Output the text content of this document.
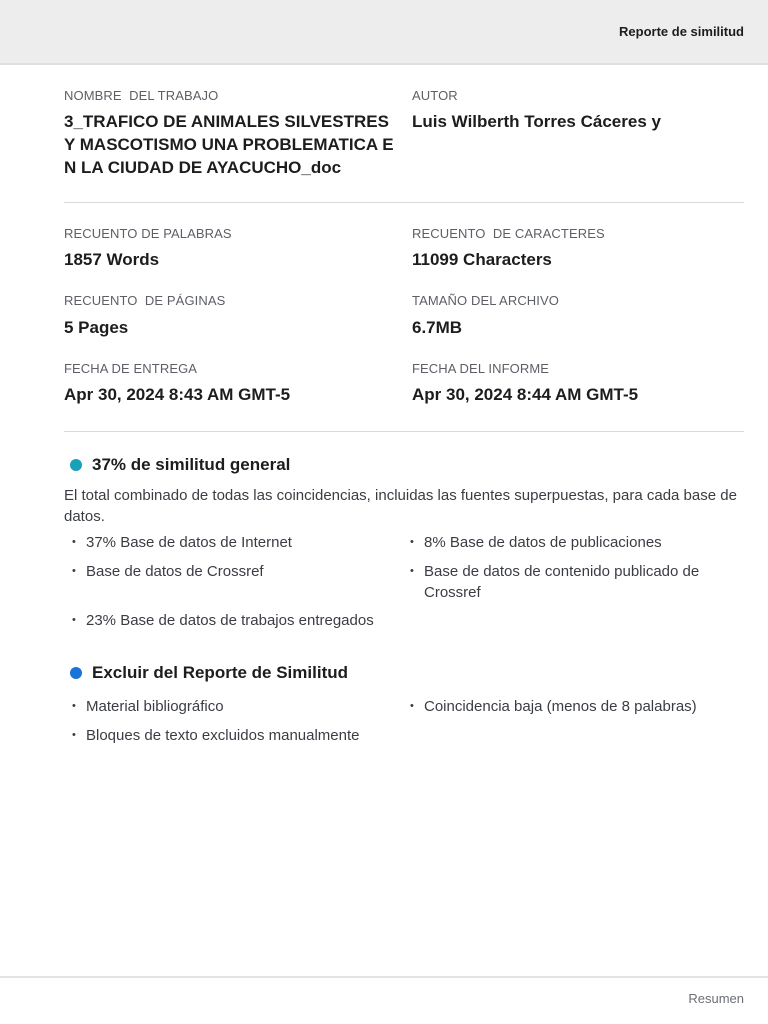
Reporte de similitud
NOMBRE  DEL TRABAJO
3_TRAFICO DE ANIMALES SILVESTRES
Y MASCOTISMO UNA PROBLEMATICA E
N LA CIUDAD DE AYACUCHO_doc
AUTOR
Luis Wilberth Torres Cáceres y
RECUENTO DE PALABRAS
1857 Words
RECUENTO  DE CARACTERES
11099 Characters
RECUENTO  DE PÁGINAS
5 Pages
TAMAÑO DEL ARCHIVO
6.7MB
FECHA DE ENTREGA
Apr 30, 2024 8:43 AM GMT-5
FECHA DEL INFORME
Apr 30, 2024 8:44 AM GMT-5
37% de similitud general
El total combinado de todas las coincidencias, incluidas las fuentes superpuestas, para cada base de datos.
• 37% Base de datos de Internet	• 8% Base de datos de publicaciones
• Base de datos de Crossref	• Base de datos de contenido publicado de Crossref
• 23% Base de datos de trabajos entregados
Excluir del Reporte de Similitud
• Material bibliográfico	• Coincidencia baja (menos de 8 palabras)
• Bloques de texto excluidos manualmente
Resumen
